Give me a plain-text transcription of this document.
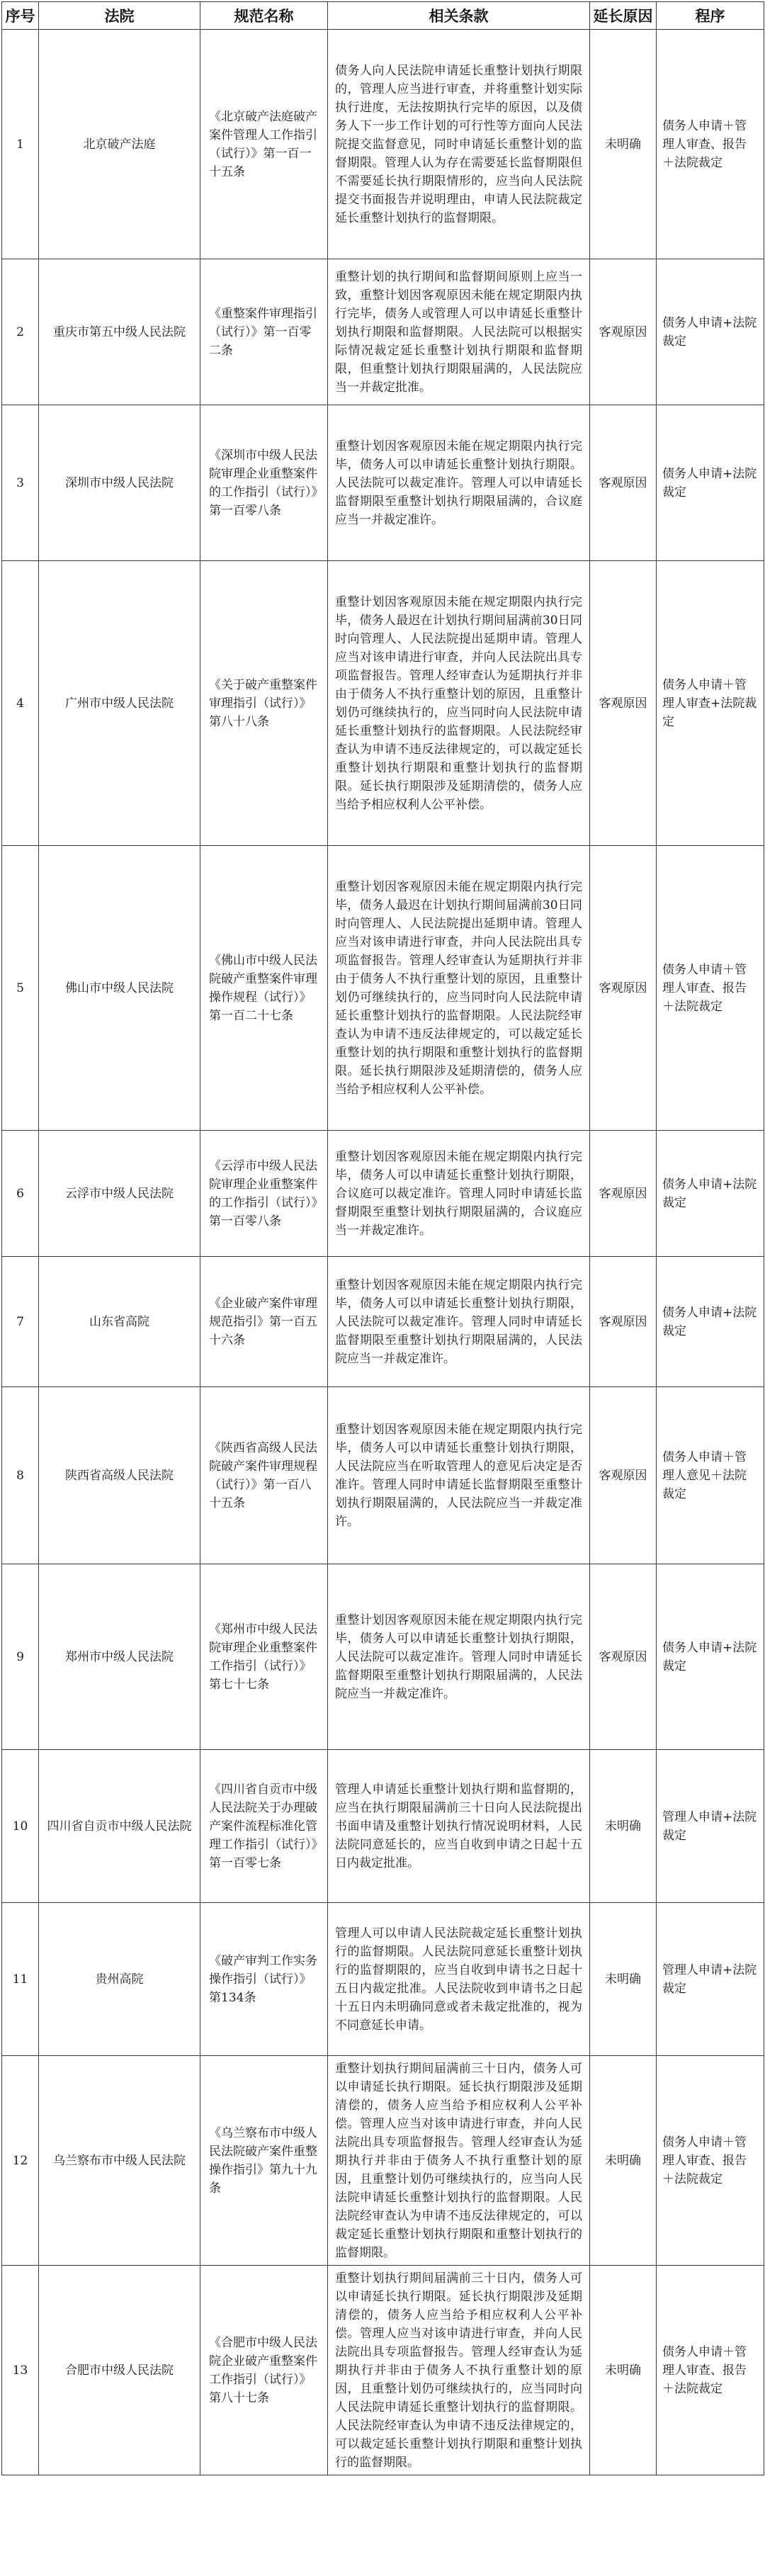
序号	法院	规范名称	相关条款	延长原因	程序
1	北京破产法庭	《北京破产法庭破产案件管理人工作指引（试行）》第一百一十五条	债务人向人民法院申请延长重整计划执行期限的，管理人应当进行审查，并将重整计划实际执行进度，无法按期执行完毕的原因，以及债务人下一步工作计划的可行性等方面向人民法院提交监督意见，同时申请延长重整计划的监督期限。管理人认为存在需要延长监督期限但不需要延长执行期限情形的，应当向人民法院提交书面报告并说明理由，申请人民法院裁定延长重整计划执行的监督期限。	未明确	债务人申请＋管理人审查、报告＋法院裁定
2	重庆市第五中级人民法院	《重整案件审理指引（试行）》第一百零二条	重整计划的执行期间和监督期间原则上应当一致，重整计划因客观原因未能在规定期限内执行完毕，债务人或管理人可以申请延长重整计划执行期限和监督期限。人民法院可以根据实际情况裁定延长重整计划执行期限和监督期限，但重整计划执行期限届满的，人民法院应当一并裁定批准。	客观原因	债务人申请+法院裁定
3	深圳市中级人民法院	《深圳市中级人民法院审理企业重整案件的工作指引（试行）》第一百零八条	重整计划因客观原因未能在规定期限内执行完毕，债务人可以申请延长重整计划执行期限。人民法院可以裁定准许。管理人可以申请延长监督期限至重整计划执行期限届满的，合议庭应当一并裁定准许。	客观原因	债务人申请+法院裁定
4	广州市中级人民法院	《关于破产重整案件审理指引（试行）》第八十八条	重整计划因客观原因未能在规定期限内执行完毕，债务人最迟在计划执行期间届满前30日同时向管理人、人民法院提出延期申请。管理人应当对该申请进行审查，并向人民法院出具专项监督报告。管理人经审查认为延期执行并非由于债务人不执行重整计划的原因，且重整计划仍可继续执行的，应当同时向人民法院申请延长重整计划执行的监督期限。人民法院经审查认为申请不违反法律规定的，可以裁定延长重整计划执行期限和重整计划执行的监督期限。延长执行期限涉及延期清偿的，债务人应当给予相应权利人公平补偿。	客观原因	债务人申请＋管理人审查+法院裁定
5	佛山市中级人民法院	《佛山市中级人民法院破产重整案件审理操作规程（试行）》第一百二十七条	重整计划因客观原因未能在规定期限内执行完毕，债务人最迟在计划执行期间届满前30日同时向管理人、人民法院提出延期申请。管理人应当对该申请进行审查，并向人民法院出具专项监督报告。管理人经审查认为延期执行并非由于债务人不执行重整计划的原因，且重整计划仍可继续执行的，应当同时向人民法院申请延长重整计划执行的监督期限。人民法院经审查认为申请不违反法律规定的，可以裁定延长重整计划的执行期限和重整计划执行的监督期限。延长执行期限涉及延期清偿的，债务人应当给予相应权利人公平补偿。	客观原因	债务人申请＋管理人审查、报告＋法院裁定
6	云浮市中级人民法院	《云浮市中级人民法院审理企业重整案件的工作指引（试行）》第一百零八条	重整计划因客观原因未能在规定期限内执行完毕，债务人可以申请延长重整计划执行期限，合议庭可以裁定准许。管理人同时申请延长监督期限至重整计划执行期限届满的，合议庭应当一并裁定准许。	客观原因	债务人申请+法院裁定
7	山东省高院	《企业破产案件审理规范指引》第一百五十六条	重整计划因客观原因未能在规定期限内执行完毕，债务人可以申请延长重整计划执行期限，人民法院可以裁定准许。管理人同时申请延长监督期限至重整计划执行期限届满的，人民法院应当一并裁定准许。	客观原因	债务人申请+法院裁定
8	陕西省高级人民法院	《陕西省高级人民法院破产案件审理规程（试行）》第一百八十五条	重整计划因客观原因未能在规定期限内执行完毕，债务人可以申请延长重整计划执行期限，人民法院应当在听取管理人的意见后决定是否准许。管理人同时申请延长监督期限至重整计划执行期限届满的，人民法院应当一并裁定准许。	客观原因	债务人申请＋管理人意见＋法院裁定
9	郑州市中级人民法院	《郑州市中级人民法院审理企业重整案件工作指引（试行）》第七十七条	重整计划因客观原因未能在规定期限内执行完毕，债务人可以申请延长重整计划执行期限，人民法院可以裁定准许。管理人同时申请延长监督期限至重整计划执行期限届满的，人民法院应当一并裁定准许。	客观原因	债务人申请+法院裁定
10	四川省自贡市中级人民法院	《四川省自贡市中级人民法院关于办理破产案件流程标准化管理工作指引（试行）》第一百零七条	管理人申请延长重整计划执行期和监督期的，应当在执行期限届满前三十日向人民法院提出书面申请及重整计划执行情况说明材料，人民法院同意延长的，应当自收到申请之日起十五日内裁定批准。	未明确	管理人申请+法院裁定
11	贵州高院	《破产审判工作实务操作指引（试行）》第134条	管理人可以申请人民法院裁定延长重整计划执行的监督期限。人民法院同意延长重整计划执行的监督期限的，应当自收到申请书之日起十五日内裁定批准。人民法院收到申请书之日起十五日内未明确同意或者未裁定批准的，视为不同意延长申请。	未明确	管理人申请+法院裁定
12	乌兰察布市中级人民法院	《乌兰察布市中级人民法院破产案件重整操作指引》第九十九条	重整计划执行期间届满前三十日内，债务人可以申请延长执行期限。延长执行期限涉及延期清偿的，债务人应当给予相应权利人公平补偿。管理人应当对该申请进行审查，并向人民法院出具专项监督报告。管理人经审查认为延期执行并非由于债务人不执行重整计划的原因，且重整计划仍可继续执行的，应当向人民法院申请延长重整计划执行的监督期限。人民法院经审查认为申请不违反法律规定的，可以裁定延长重整计划执行期限和重整计划执行的监督期限。	未明确	债务人申请＋管理人审查、报告＋法院裁定
13	合肥市中级人民法院	《合肥市中级人民法院企业破产重整案件工作指引（试行）》第八十七条	重整计划执行期间届满前三十日内，债务人可以申请延长执行期限。延长执行期限涉及延期清偿的，债务人应当给予相应权利人公平补偿。管理人应当对该申请进行审查，并向人民法院出具专项监督报告。管理人经审查认为延期执行并非由于债务人不执行重整计划的原因，且重整计划仍可继续执行的，应当同时向人民法院申请延长重整计划执行的监督期限。人民法院经审查认为申请不违反法律规定的，可以裁定延长重整计划执行期限和重整计划执行的监督期限。	未明确	债务人申请＋管理人审查、报告＋法院裁定
